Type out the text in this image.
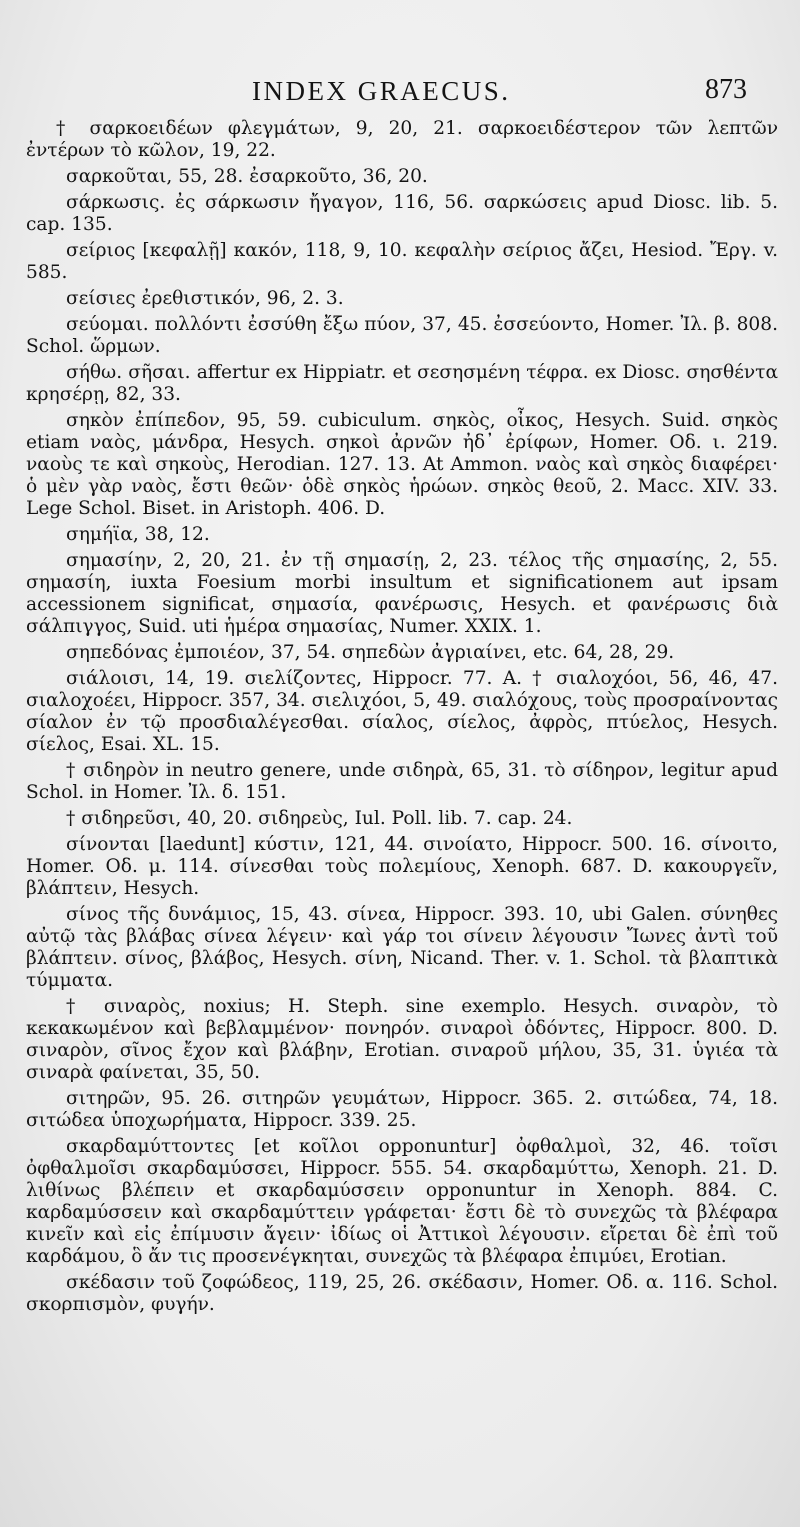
INDEX GRAECUS.	873

† σαρκοειδέων φλεγμάτων, 9, 20, 21. σαρκοειδέστερον τῶν λεπτῶν ἐντέρων τὸ κῶλον, 19, 22.

σαρκοῦται, 55, 28. ἐσαρκοῦτο, 36, 20.

σάρκωσις. ἐς σάρκωσιν ἤγαγον, 116, 56. σαρκώσεις apud Diosc. lib. 5. cap. 135.

σείριος [κεφαλῇ] κακόν, 118, 9, 10. κεφαλὴν σείριος ἄζει, Hesiod. Ἔργ. v. 585.

σείσιες ἐρεθιστικόν, 96, 2. 3.

σεύομαι. πολλόντι ἐσσύθη ἔξω πύον, 37, 45. ἐσσεύοντο, Homer. Ἰλ. β. 808. Schol. ὥρμων.

σήθω. σῆσαι. affertur ex Hippiatr. et σεσησμένη τέφρα. ex Diosc. σησθέντα κρησέρῃ, 82, 33.

σηκὸν ἐπίπεδον, 95, 59. cubiculum. σηκὸς, οἶκος, Hesych. Suid. σηκὸς etiam ναὸς, μάνδρα, Hesych. σηκοὶ ἀρνῶν ἠδ᾽ ἐρίφων, Homer. Οδ. ι. 219. ναοὺς τε καὶ σηκοὺς, Herodian. 127. 13. At Ammon. ναὸς καὶ σηκὸς διαφέρει· ὁ μὲν γὰρ ναὸς, ἔστι θεῶν· ὁδὲ σηκὸς ἡρώων. σηκὸς θεοῦ, 2. Macc. XIV. 33. Lege Schol. Biset. in Aristoph. 406. D.

σημήϊα, 38, 12.

σημασίην, 2, 20, 21. ἐν τῇ σημασίῃ, 2, 23. τέλος τῆς σημασίης, 2, 55. σημασίη, iuxta Foesium morbi insultum et significationem aut ipsam accessionem significat, σημασία, φανέρωσις, Hesych. et φανέρωσις διὰ σάλπιγγος, Suid. uti ἡμέρα σημασίας, Numer. XXIX. 1.

σηπεδόνας ἐμποιέον, 37, 54. σηπεδὼν ἀγριαίνει, etc. 64, 28, 29.

σιάλοισι, 14, 19. σιελίζοντες, Hippocr. 77. A. † σιαλοχόοι, 56, 46, 47. σιαλοχοέει, Hippocr. 357, 34. σιελιχόοι, 5, 49. σιαλόχους, τοὺς προσραίνοντας σίαλον ἐν τῷ προσδιαλέγεσθαι. σίαλος, σίελος, ἀφρὸς, πτύελος, Hesych. σίελος, Esai. XL. 15.

† σιδηρὸν in neutro genere, unde σιδηρὰ, 65, 31. τὸ σίδηρον, legitur apud Schol. in Homer. Ἰλ. δ. 151.

† σιδηρεῦσι, 40, 20. σιδηρεὺς, Iul. Poll. lib. 7. cap. 24.

σίνονται [laedunt] κύστιν, 121, 44. σινοίατο, Hippocr. 500. 16. σίνοιτο, Homer. Οδ. μ. 114. σίνεσθαι τοὺς πολεμίους, Xenoph. 687. D. κακουργεῖν, βλάπτειν, Hesych.

σίνος τῆς δυνάμιος, 15, 43. σίνεα, Hippocr. 393. 10, ubi Galen. σύνηθες αὐτῷ τὰς βλάβας σίνεα λέγειν· καὶ γάρ τοι σίνειν λέγουσιν Ἴωνες ἀντὶ τοῦ βλάπτειν. σίνος, βλάβος, Hesych. σίνη, Nicand. Ther. v. 1. Schol. τὰ βλαπτικὰ τύμματα.

† σιναρὸς, noxius; H. Steph. sine exemplo. Hesych. σιναρὸν, τὸ κεκακωμένον καὶ βεβλαμμένον· πονηρόν. σιναροὶ ὀδόντες, Hippocr. 800. D. σιναρὸν, σῖνος ἔχον καὶ βλάβην, Erotian. σιναροῦ μήλου, 35, 31. ὑγιέα τὰ σιναρὰ φαίνεται, 35, 50.

σιτηρῶν, 95. 26. σιτηρῶν γευμάτων, Hippocr. 365. 2. σιτώδεα, 74, 18. σιτώδεα ὑποχωρήματα, Hippocr. 339. 25.

σκαρδαμύττοντες [et κοῖλοι opponuntur] ὀφθαλμοὶ, 32, 46. τοῖσι ὀφθαλμοῖσι σκαρδαμύσσει, Hippocr. 555. 54. σκαρδαμύττω, Xenoph. 21. D. λιθίνως βλέπειν et σκαρδαμύσσειν opponuntur in Xenoph. 884. C. καρδαμύσσειν καὶ σκαρδαμύττειν γράφεται· ἔστι δὲ τὸ συνεχῶς τὰ βλέφαρα κινεῖν καὶ εἰς ἐπίμυσιν ἄγειν· ἰδίως οἱ Ἀττικοὶ λέγουσιν. εἴρεται δὲ ἐπὶ τοῦ καρδάμου, ὃ ἄν τις προσενέγκηται, συνεχῶς τὰ βλέφαρα ἐπιμύει, Erotian.

σκέδασιν τοῦ ζοφώδεος, 119, 25, 26. σκέδασιν, Homer. Οδ. α. 116. Schol. σκορπισμὸν, φυγήν.
